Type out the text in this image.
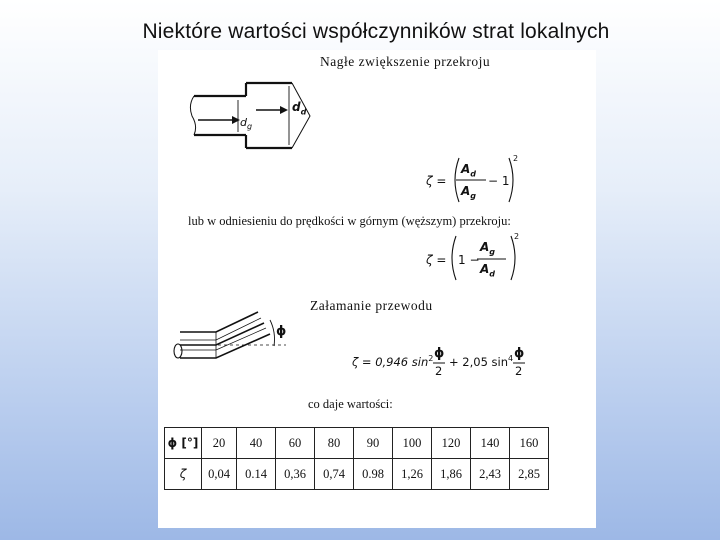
Niektóre wartości współczynników strat lokalnych
Nagłe zwiększenie przekroju
$d_g$
$d_d$
ζ =
$A_d$
$A_g$
− 1
2
lub w odniesieniu do prędkości w górnym (węższym) przekroju:
ζ = 1 −
$A_g$
$A_d$
2
Załamanie przewodu
ϕ
ζ = 0,946 $\sin^2 \phi$
2
+ 2,05 $\sin^4 \phi$
2
co daje wartości:
ϕ [°]	20	40	60	80	90	100	120	140	160
ζ	0,04	0.14	0,36	0,74	0.98	1,26	1,86	2,43	2,85
